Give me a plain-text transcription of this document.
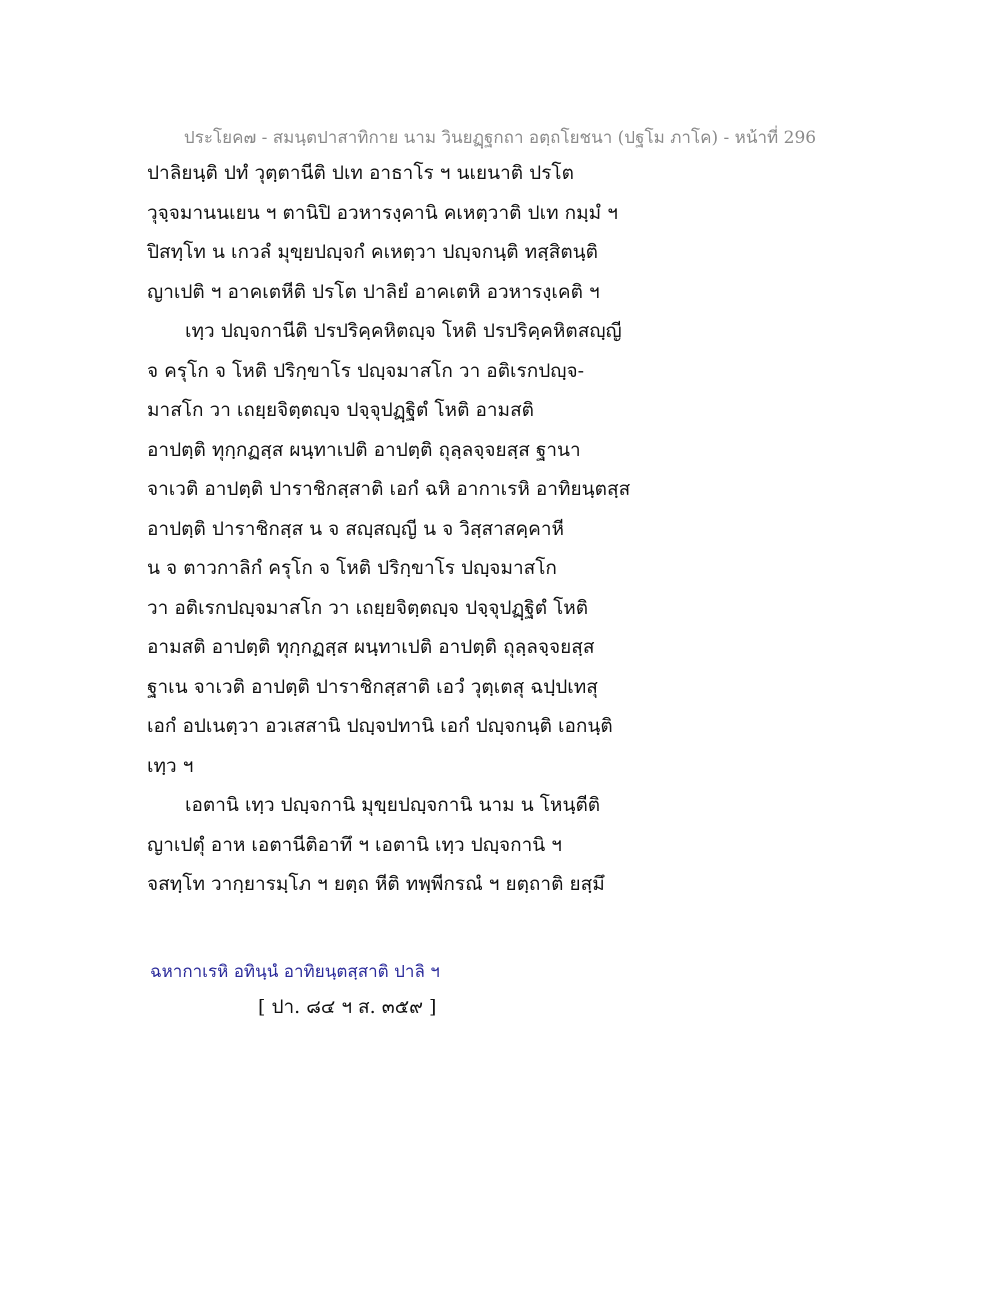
ประโยค๗ - สมนฺตปาสาทิกาย นาม วินยฏฺฐกถา อตฺถโยชนา (ปฐโม ภาโค) - หน้าที่ 296
ปาลิยนฺติ ปทํ วุตฺตานีติ ปเท อาธาโร ฯ นเยนาติ ปรโต
วุจฺจมานนเยน ฯ ตานิปิ อวหารงฺคานิ คเหตฺวาติ ปเท กมฺมํ ฯ
ปิสทฺโท น เกวลํ มุขฺยปญฺจกํ คเหตฺวา ปญฺจกนฺติ ทสฺสิตนฺติ
ญาเปติ ฯ อาคเตหีติ ปรโต ปาลิยํ อาคเตหิ อวหารงฺเคติ ฯ
เทฺว ปญฺจกานีติ ปรปริคฺคหิตญฺจ โหติ ปรปริคฺคหิตสญฺญี
จ ครุโก จ โหติ ปริกฺขาโร ปญฺจมาสโก วา อติเรกปญฺจ-
มาสโก วา เถยฺยจิตฺตญฺจ ปจฺจุปฏฺฐิตํ โหติ อามสติ
อาปตฺติ ทุกฺกฏสฺส ผนฺทาเปติ อาปตฺติ ถุลฺลจฺจยสฺส ฐานา
จาเวติ อาปตฺติ ปาราชิกสฺสาติ เอกํ ฉหิ อากาเรหิ อาทิยนฺตสฺส
อาปตฺติ ปาราชิกสฺส น จ สญฺสญฺญี น จ วิสฺสาสคฺคาหี
น จ ตาวกาลิกํ ครุโก จ โหติ ปริกฺขาโร ปญฺจมาสโก
วา อติเรกปญฺจมาสโก วา เถยฺยจิตฺตญฺจ ปจฺจุปฏฺฐิตํ โหติ
อามสติ อาปตฺติ ทุกฺกฏสฺส ผนฺทาเปติ อาปตฺติ ถุลฺลจฺจยสฺส
ฐาเน จาเวติ อาปตฺติ ปาราชิกสฺสาติ เอวํ วุตฺเตสุ ฉปฺปเทสุ
เอกํ อปเนตฺวา อวเสสานิ ปญฺจปทานิ เอกํ ปญฺจกนฺติ เอกนฺติ
เทฺว ฯ
เอตานิ เทฺว ปญฺจกานิ มุขฺยปญฺจกานิ นาม น โหนฺตีติ
ญาเปตุํ อาห เอตานีติอาทึ ฯ เอตานิ เทฺว ปญฺจกานิ ฯ
จสทฺโท วากฺยารมฺโภ ฯ ยตฺถ หีติ ทพฺพีกรณํ ฯ ยตฺถาติ ยสฺมึ
ฉหากาเรหิ อทินฺนํ อาทิยนฺตสฺสาติ ปาลิ ฯ
[ ปา. ๘๔ ฯ ส. ๓๕๙ ]
